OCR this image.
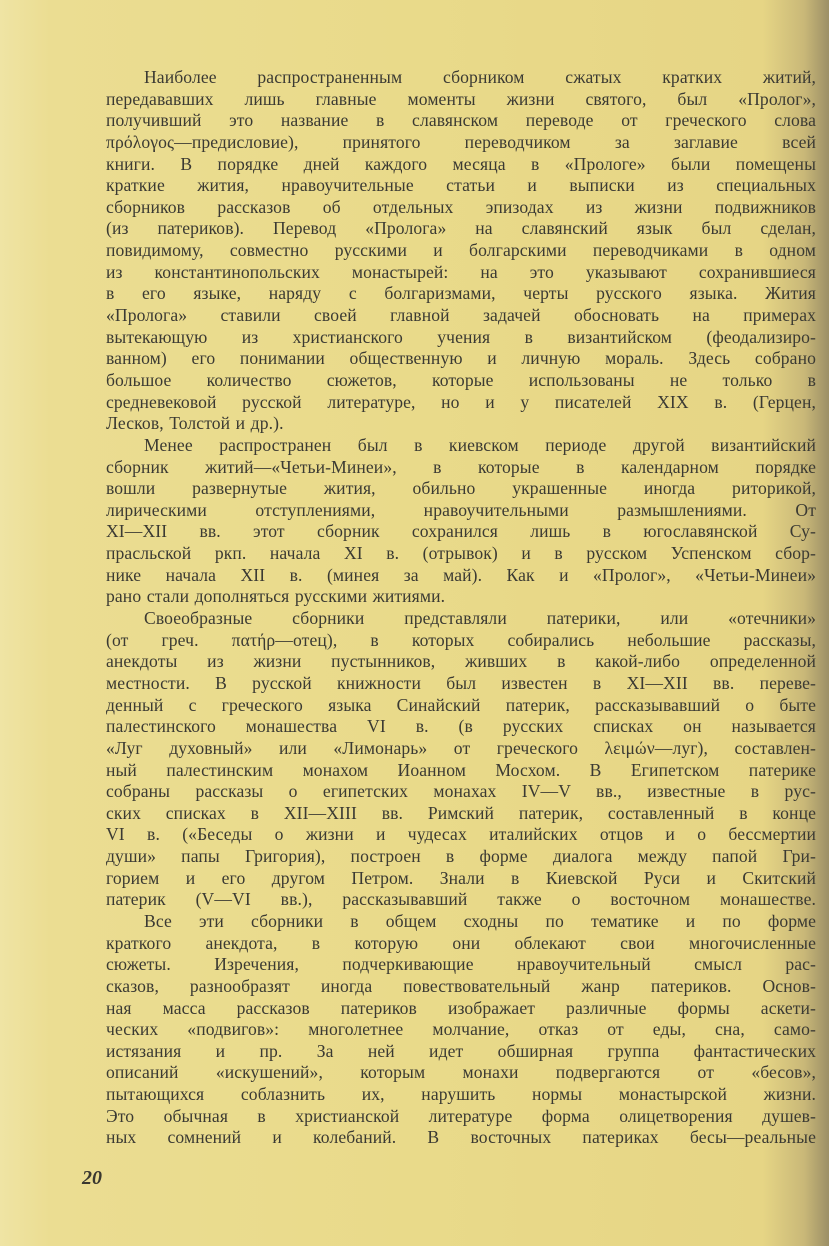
Наиболее распространенным сборником сжатых кратких житий,
передававших лишь главные моменты жизни святого, был «Пролог»,
получивший это название в славянском переводе от греческого слова
πρόλογος—предисловие), принятого переводчиком за заглавие всей
книги. В порядке дней каждого месяца в «Прологе» были помещены
краткие жития, нравоучительные статьи и выписки из специальных
сборников рассказов об отдельных эпизодах из жизни подвижников
(из патериков). Перевод «Пролога» на славянский язык был сделан,
повидимому, совместно русскими и болгарскими переводчиками в одном
из константинопольских монастырей: на это указывают сохранившиеся
в его языке, наряду с болгаризмами, черты русского языка. Жития
«Пролога» ставили своей главной задачей обосновать на примерах
вытекающую из христианского учения в византийском (феодализиро-
ванном) его понимании общественную и личную мораль. Здесь собрано
большое количество сюжетов, которые использованы не только в
средневековой русской литературе, но и у писателей XIX в. (Герцен,
Лесков, Толстой и др.).
Менее распространен был в киевском периоде другой византийский
сборник житий—«Четьи-Минеи», в которые в календарном порядке
вошли развернутые жития, обильно украшенные иногда риторикой,
лирическими отступлениями, нравоучительными размышлениями. От
XI—XII вв. этот сборник сохранился лишь в югославянской Су-
прасльской ркп. начала XI в. (отрывок) и в русском Успенском сбор-
нике начала XII в. (минея за май). Как и «Пролог», «Четьи-Минеи»
рано стали дополняться русскими житиями.
Своеобразные сборники представляли патерики, или «отечники»
(от греч. πατήρ—отец), в которых собирались небольшие рассказы,
анекдоты из жизни пустынников, живших в какой-либо определенной
местности. В русской книжности был известен в XI—XII вв. переве-
денный с греческого языка Синайский патерик, рассказывавший о быте
палестинского монашества VI в. (в русских списках он называется
«Луг духовный» или «Лимонарь» от греческого λειμών—луг), составлен-
ный палестинским монахом Иоанном Мосхом. В Египетском патерике
собраны рассказы о египетских монахах IV—V вв., известные в рус-
ских списках в XII—XIII вв. Римский патерик, составленный в конце
VI в. («Беседы о жизни и чудесах италийских отцов и о бессмертии
души» папы Григория), построен в форме диалога между папой Гри-
горием и его другом Петром. Знали в Киевской Руси и Скитский
патерик (V—VI вв.), рассказывавший также о восточном монашестве.
Все эти сборники в общем сходны по тематике и по форме
краткого анекдота, в которую они облекают свои многочисленные
сюжеты. Изречения, подчеркивающие нравоучительный смысл рас-
сказов, разнообразят иногда повествовательный жанр патериков. Основ-
ная масса рассказов патериков изображает различные формы аскети-
ческих «подвигов»: многолетнее молчание, отказ от еды, сна, само-
истязания и пр. За ней идет обширная группа фантастических
описаний «искушений», которым монахи подвергаются от «бесов»,
пытающихся соблазнить их, нарушить нормы монастырской жизни.
Это обычная в христианской литературе форма олицетворения душев-
ных сомнений и колебаний. В восточных патериках бесы—реальные
20
